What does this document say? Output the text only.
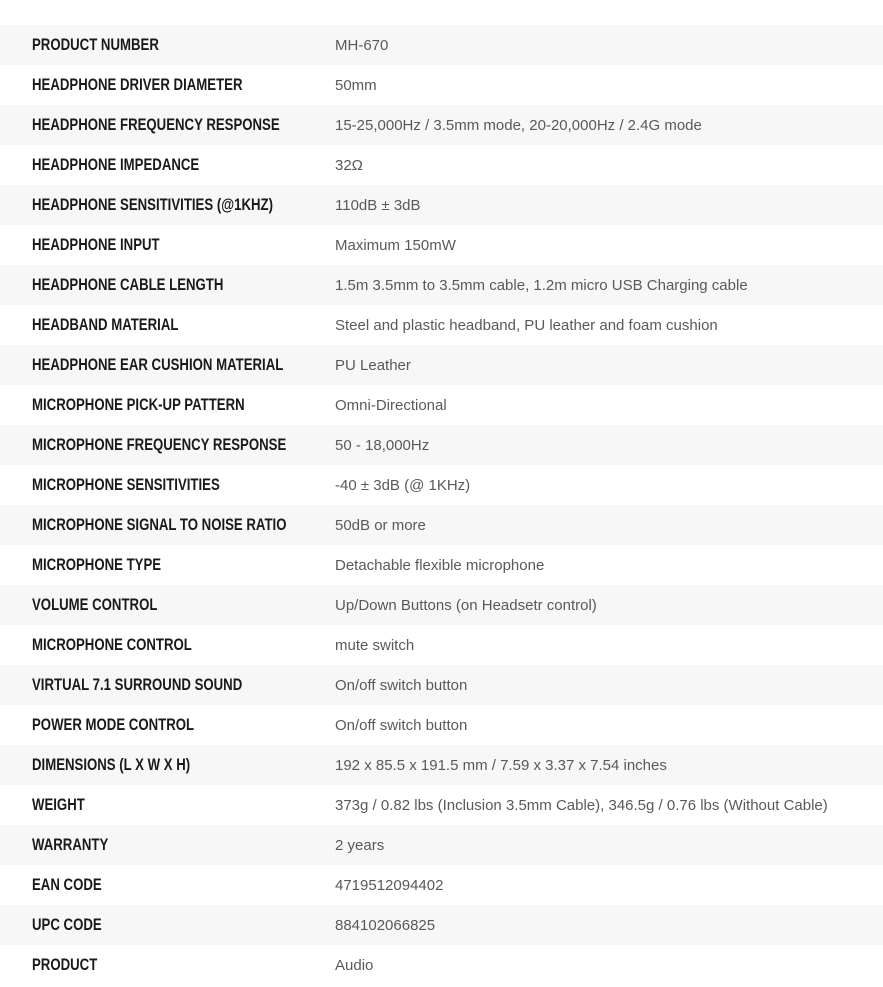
PRODUCT NUMBER	MH-670
HEADPHONE DRIVER DIAMETER	50mm
HEADPHONE FREQUENCY RESPONSE	15-25,000Hz / 3.5mm mode, 20-20,000Hz / 2.4G mode
HEADPHONE IMPEDANCE	32Ω
HEADPHONE SENSITIVITIES (@1KHZ)	110dB ± 3dB
HEADPHONE INPUT	Maximum 150mW
HEADPHONE CABLE LENGTH	1.5m 3.5mm to 3.5mm cable, 1.2m micro USB Charging cable
HEADBAND MATERIAL	Steel and plastic headband, PU leather and foam cushion
HEADPHONE EAR CUSHION MATERIAL	PU Leather
MICROPHONE PICK-UP PATTERN	Omni-Directional
MICROPHONE FREQUENCY RESPONSE	50 - 18,000Hz
MICROPHONE SENSITIVITIES	-40 ± 3dB (@ 1KHz)
MICROPHONE SIGNAL TO NOISE RATIO	50dB or more
MICROPHONE TYPE	Detachable flexible microphone
VOLUME CONTROL	Up/Down Buttons (on Headsetr control)
MICROPHONE CONTROL	mute switch
VIRTUAL 7.1 SURROUND SOUND	On/off switch button
POWER MODE CONTROL	On/off switch button
DIMENSIONS (L X W X H)	192 x 85.5 x 191.5 mm / 7.59 x 3.37 x 7.54 inches
WEIGHT	373g / 0.82 lbs (Inclusion 3.5mm Cable), 346.5g / 0.76 lbs (Without Cable)
WARRANTY	2 years
EAN CODE	4719512094402
UPC CODE	884102066825
PRODUCT	Audio
